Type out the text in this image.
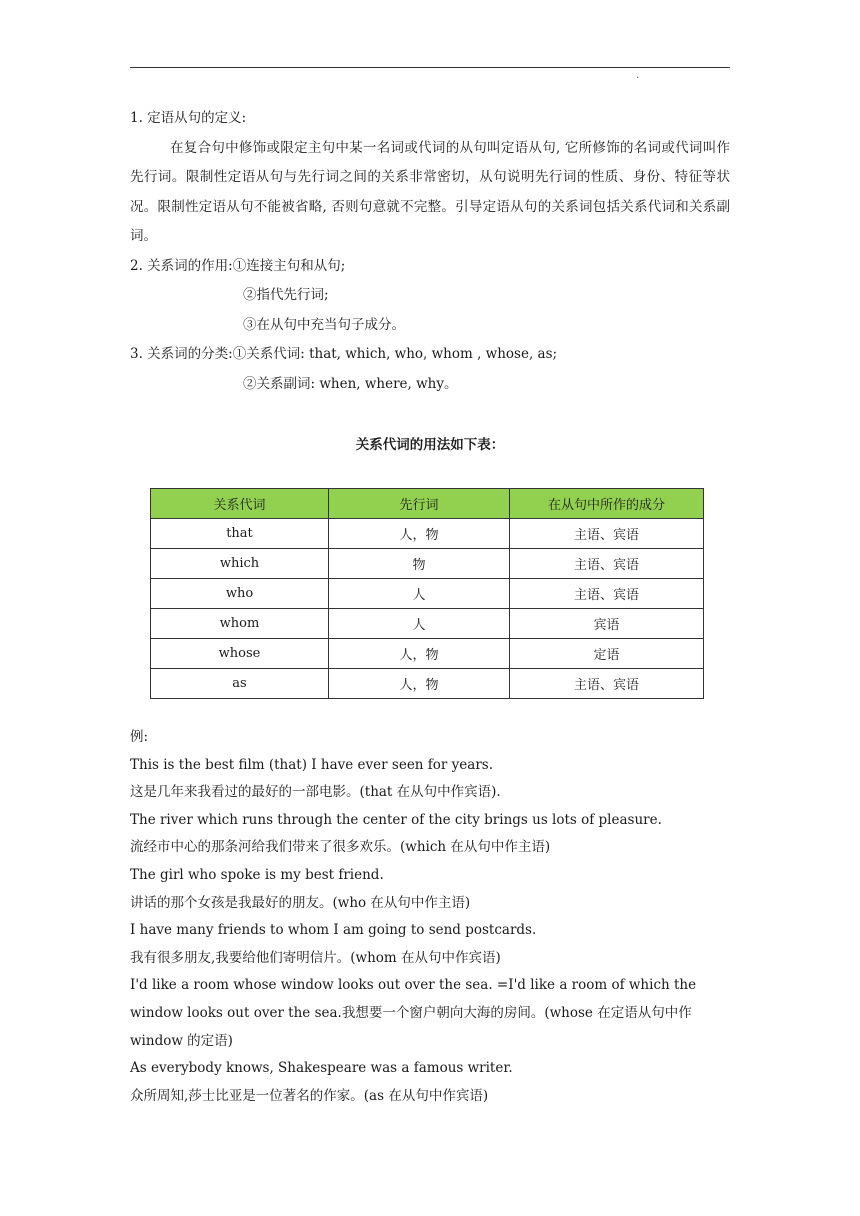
.

1. 定语从句的定义:

在复合句中修饰或限定主句中某一名词或代词的从句叫定语从句, 它所修饰的名词或代词叫作先行词。限制性定语从句与先行词之间的关系非常密切，从句说明先行词的性质、身份、特征等状况。限制性定语从句不能被省略, 否则句意就不完整。引导定语从句的关系词包括关系代词和关系副词。

2. 关系词的作用:①连接主句和从句;

②指代先行词;

③在从句中充当句子成分。

3. 关系词的分类:①关系代词: that, which, who, whom , whose, as;

②关系副词: when, where, why。

关系代词的用法如下表：

关系代词	先行词	在从句中所作的成分
that	人，物	主语、宾语
which	物	主语、宾语
who	人	主语、宾语
whom	人	宾语
whose	人，物	定语
as	人，物	主语、宾语

例:

This is the best film (that) I have ever seen for years.

这是几年来我看过的最好的一部电影。(that 在从句中作宾语).

The river which runs through the center of the city brings us lots of pleasure.

流经市中心的那条河给我们带来了很多欢乐。(which 在从句中作主语)

The girl who spoke is my best friend.

讲话的那个女孩是我最好的朋友。(who 在从句中作主语)

I have many friends to whom I am going to send postcards.

我有很多朋友,我要给他们寄明信片。(whom 在从句中作宾语)

I'd like a room whose window looks out over the sea. =I'd like a room of which the window looks out over the sea.我想要一个窗户朝向大海的房间。(whose 在定语从句中作 window 的定语)

As everybody knows, Shakespeare was a famous writer.

众所周知,莎士比亚是一位著名的作家。(as 在从句中作宾语)
